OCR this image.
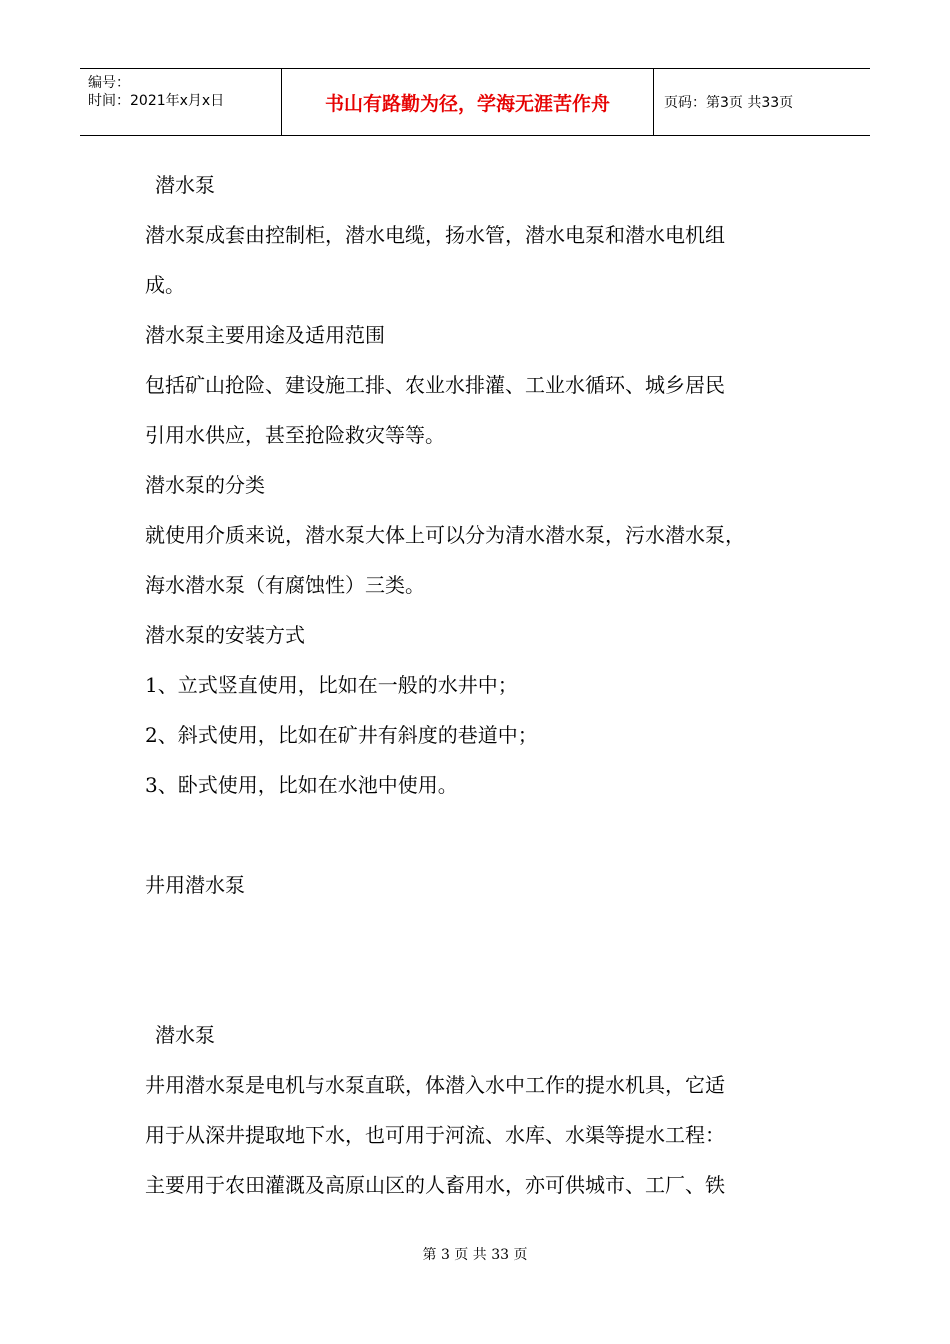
编号：
时间：2021年x月x日	书山有路勤为径，学海无涯苦作舟	页码：第3页 共33页
潜水泵
潜水泵成套由控制柜，潜水电缆，扬水管，潜水电泵和潜水电机组
成。
潜水泵主要用途及适用范围
包括矿山抢险、建设施工排、农业水排灌、工业水循环、城乡居民
引用水供应，甚至抢险救灾等等。
潜水泵的分类
就使用介质来说，潜水泵大体上可以分为清水潜水泵，污水潜水泵，
海水潜水泵（有腐蚀性）三类。
潜水泵的安装方式
1、立式竖直使用，比如在一般的水井中；
2、斜式使用，比如在矿井有斜度的巷道中；
3、卧式使用，比如在水池中使用。
井用潜水泵
潜水泵
井用潜水泵是电机与水泵直联，体潜入水中工作的提水机具，它适
用于从深井提取地下水，也可用于河流、水库、水渠等提水工程：
主要用于农田灌溉及高原山区的人畜用水，亦可供城市、工厂、铁
第 3 页 共 33 页
